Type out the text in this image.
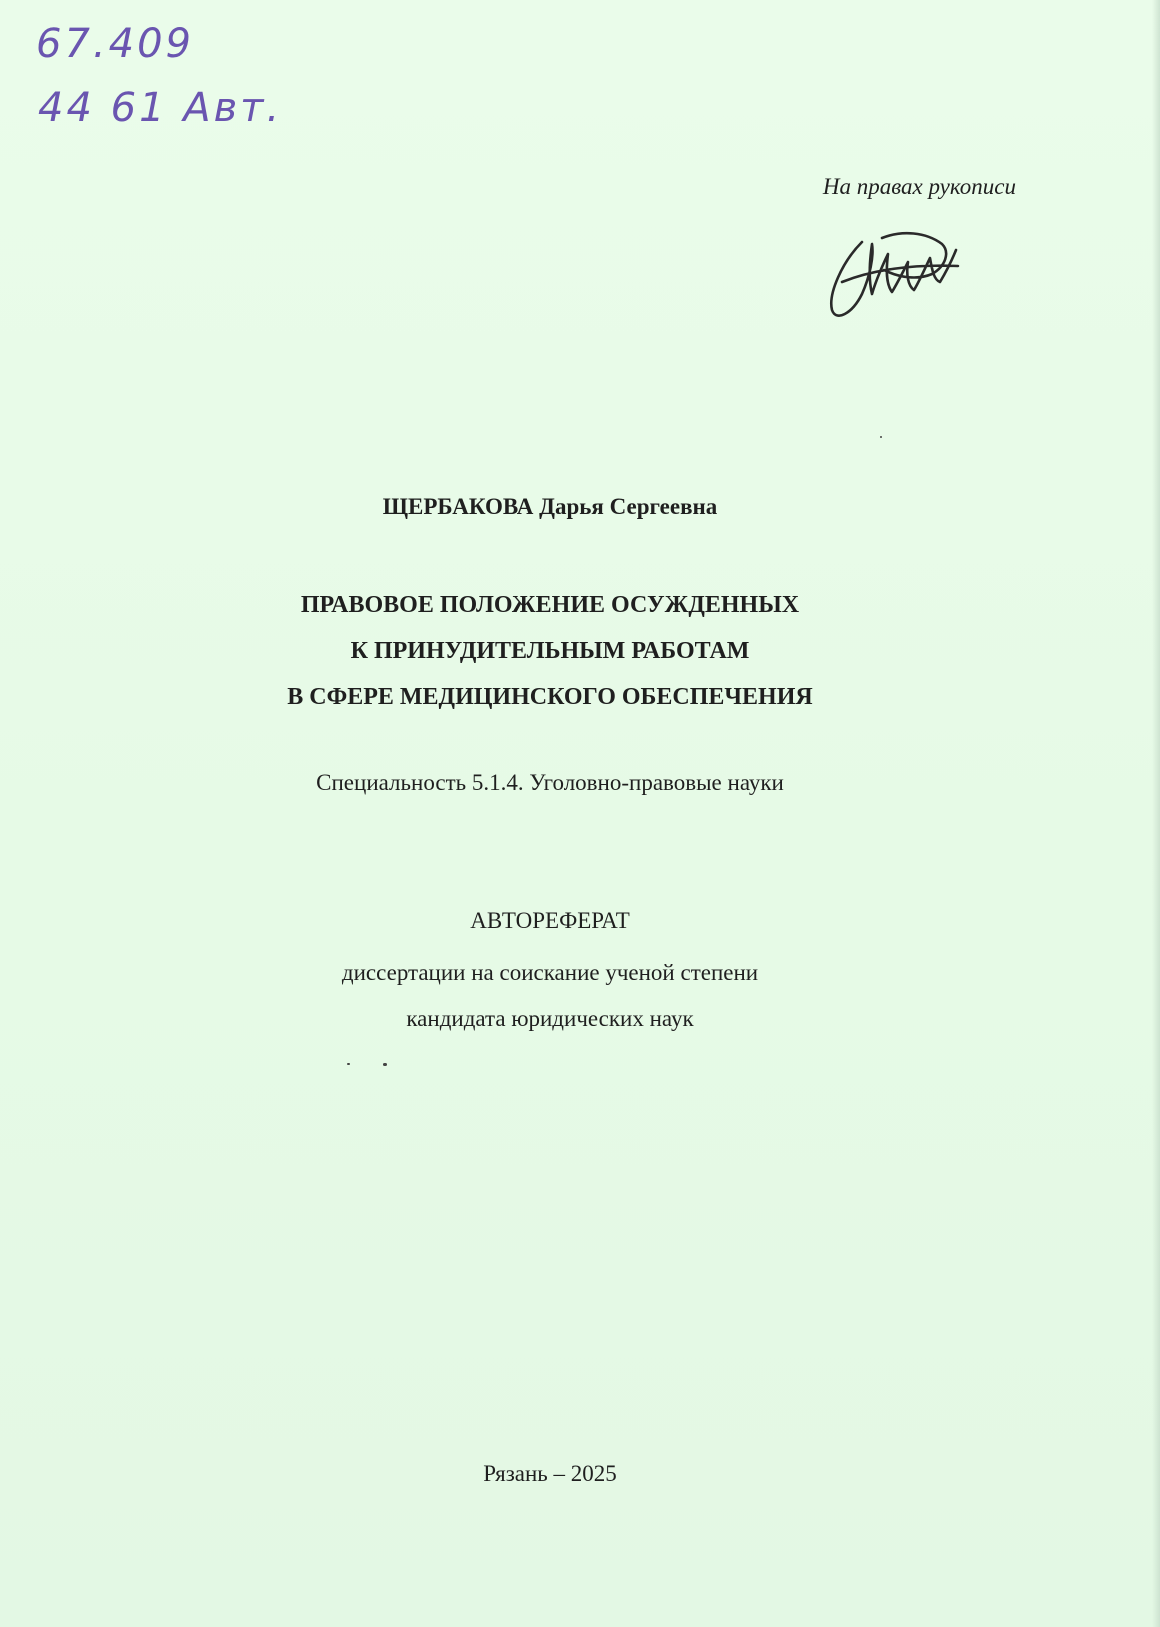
67.409
44 61 Авт.
На правах рукописи
ЩЕРБАКОВА Дарья Сергеевна
ПРАВОВОЕ ПОЛОЖЕНИЕ ОСУЖДЕННЫХ
К ПРИНУДИТЕЛЬНЫМ РАБОТАМ
В СФЕРЕ МЕДИЦИНСКОГО ОБЕСПЕЧЕНИЯ
Специальность 5.1.4. Уголовно-правовые науки
АВТОРЕФЕРАТ
диссертации на соискание ученой степени
кандидата юридических наук
Рязань – 2025
